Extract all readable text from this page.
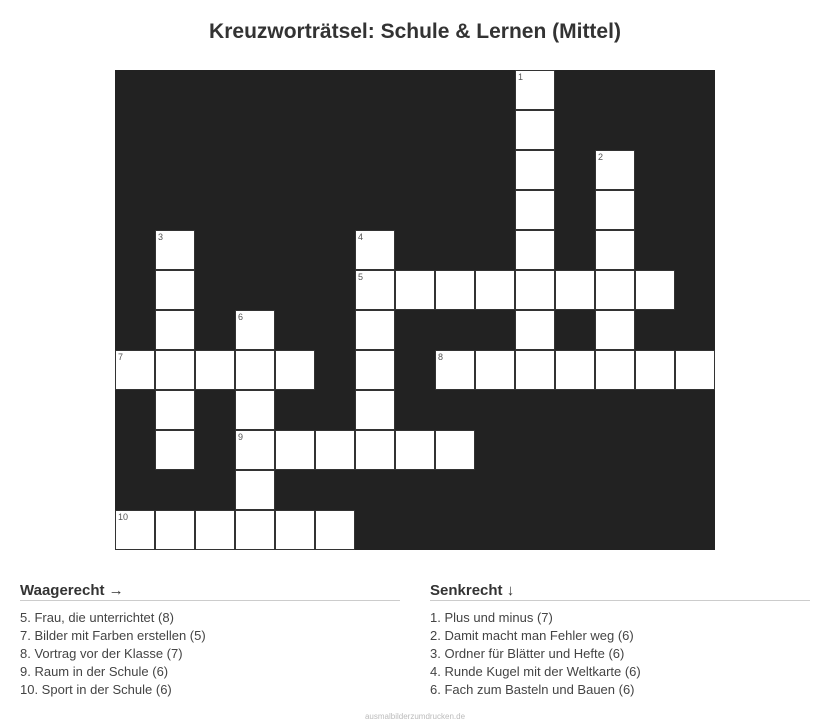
Kreuzworträtsel: Schule & Lernen (Mittel)
1
2
3	4
5
6
9
7	8
10
Waagerecht →
5. Frau, die unterrichtet (8)
7. Bilder mit Farben erstellen (5)
8. Vortrag vor der Klasse (7)
9. Raum in der Schule (6)
10. Sport in der Schule (6)
Senkrecht ↓
1. Plus und minus (7)
2. Damit macht man Fehler weg (6)
3. Ordner für Blätter und Hefte (6)
4. Runde Kugel mit der Weltkarte (6)
6. Fach zum Basteln und Bauen (6)
ausmalbilderzumdrucken.de
